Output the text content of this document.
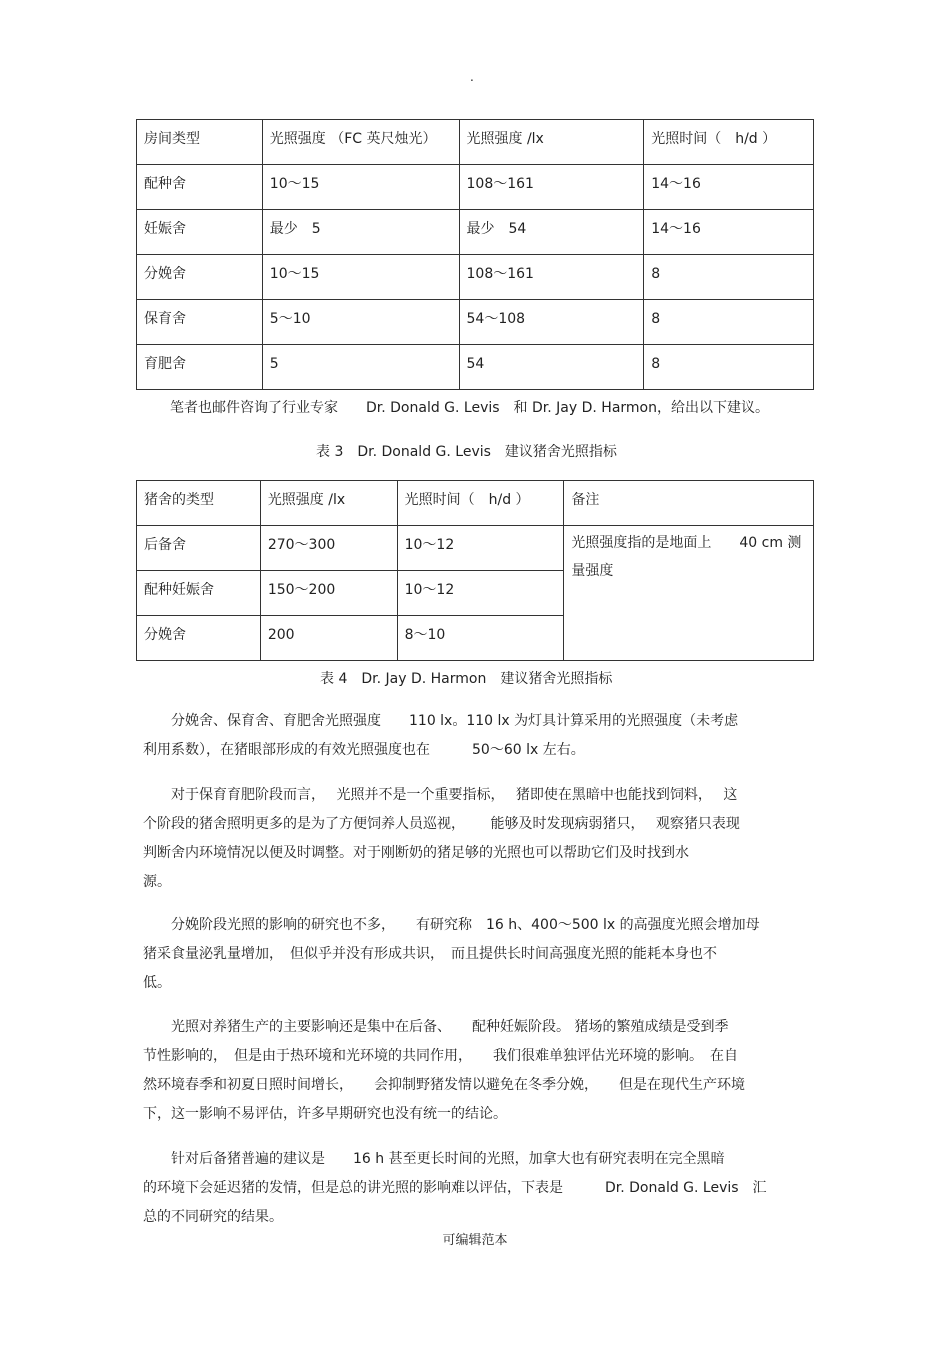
.
房间类型	光照强度 （FC 英尺烛光）	光照强度 /lx	光照时间（　h/d ）
配种舍	10～15	108～161	14～16
妊娠舍	最少　5	最少　54	14～16
分娩舍	10～15	108～161	8
保育舍	5～10	54～108	8
育肥舍	5	54	8
笔者也邮件咨询了行业专家　　Dr. Donald G. Levis　和 Dr. Jay D. Harmon，给出以下建议。
表 3　Dr. Donald G. Levis　建议猪舍光照指标
猪舍的类型	光照强度 /lx	光照时间（　h/d ）	备注
后备舍	270～300	10～12	光照强度指的是地面上　　40 cm 测量强度
配种妊娠舍	150～200	10～12	
分娩舍	200	8～10	
表 4　Dr. Jay D. Harmon　建议猪舍光照指标

　　分娩舍、保育舍、育肥舍光照强度　　110 lx。110 lx 为灯具计算采用的光照强度（未考虑

利用系数），在猪眼部形成的有效光照强度也在　　　50～60 lx 左右。

　　对于保育育肥阶段而言，　 光照并不是一个重要指标，　 猪即使在黑暗中也能找到饲料，　 这

个阶段的猪舍照明更多的是为了方便饲养人员巡视，　　 能够及时发现病弱猪只，　 观察猪只表现

判断舍内环境情况以便及时调整。对于刚断奶的猪足够的光照也可以帮助它们及时找到水

源。

　　分娩阶段光照的影响的研究也不多，　　有研究称　16 h、400～500 lx 的高强度光照会增加母

猪采食量泌乳量增加，　但似乎并没有形成共识，　而且提供长时间高强度光照的能耗本身也不

低。

　　光照对养猪生产的主要影响还是集中在后备、　　配种妊娠阶段。 猪场的繁殖成绩是受到季

节性影响的，　但是由于热环境和光环境的共同作用，　　我们很难单独评估光环境的影响。　在自

然环境春季和初夏日照时间增长，　　会抑制野猪发情以避免在冬季分娩，　　但是在现代生产环境

下，这一影响不易评估，许多早期研究也没有统一的结论。

　　针对后备猪普遍的建议是　　16 h 甚至更长时间的光照，加拿大也有研究表明在完全黑暗

的环境下会延迟猪的发情，但是总的讲光照的影响难以评估，下表是　　　Dr. Donald G. Levis　汇

总的不同研究的结果。

可编辑范本
